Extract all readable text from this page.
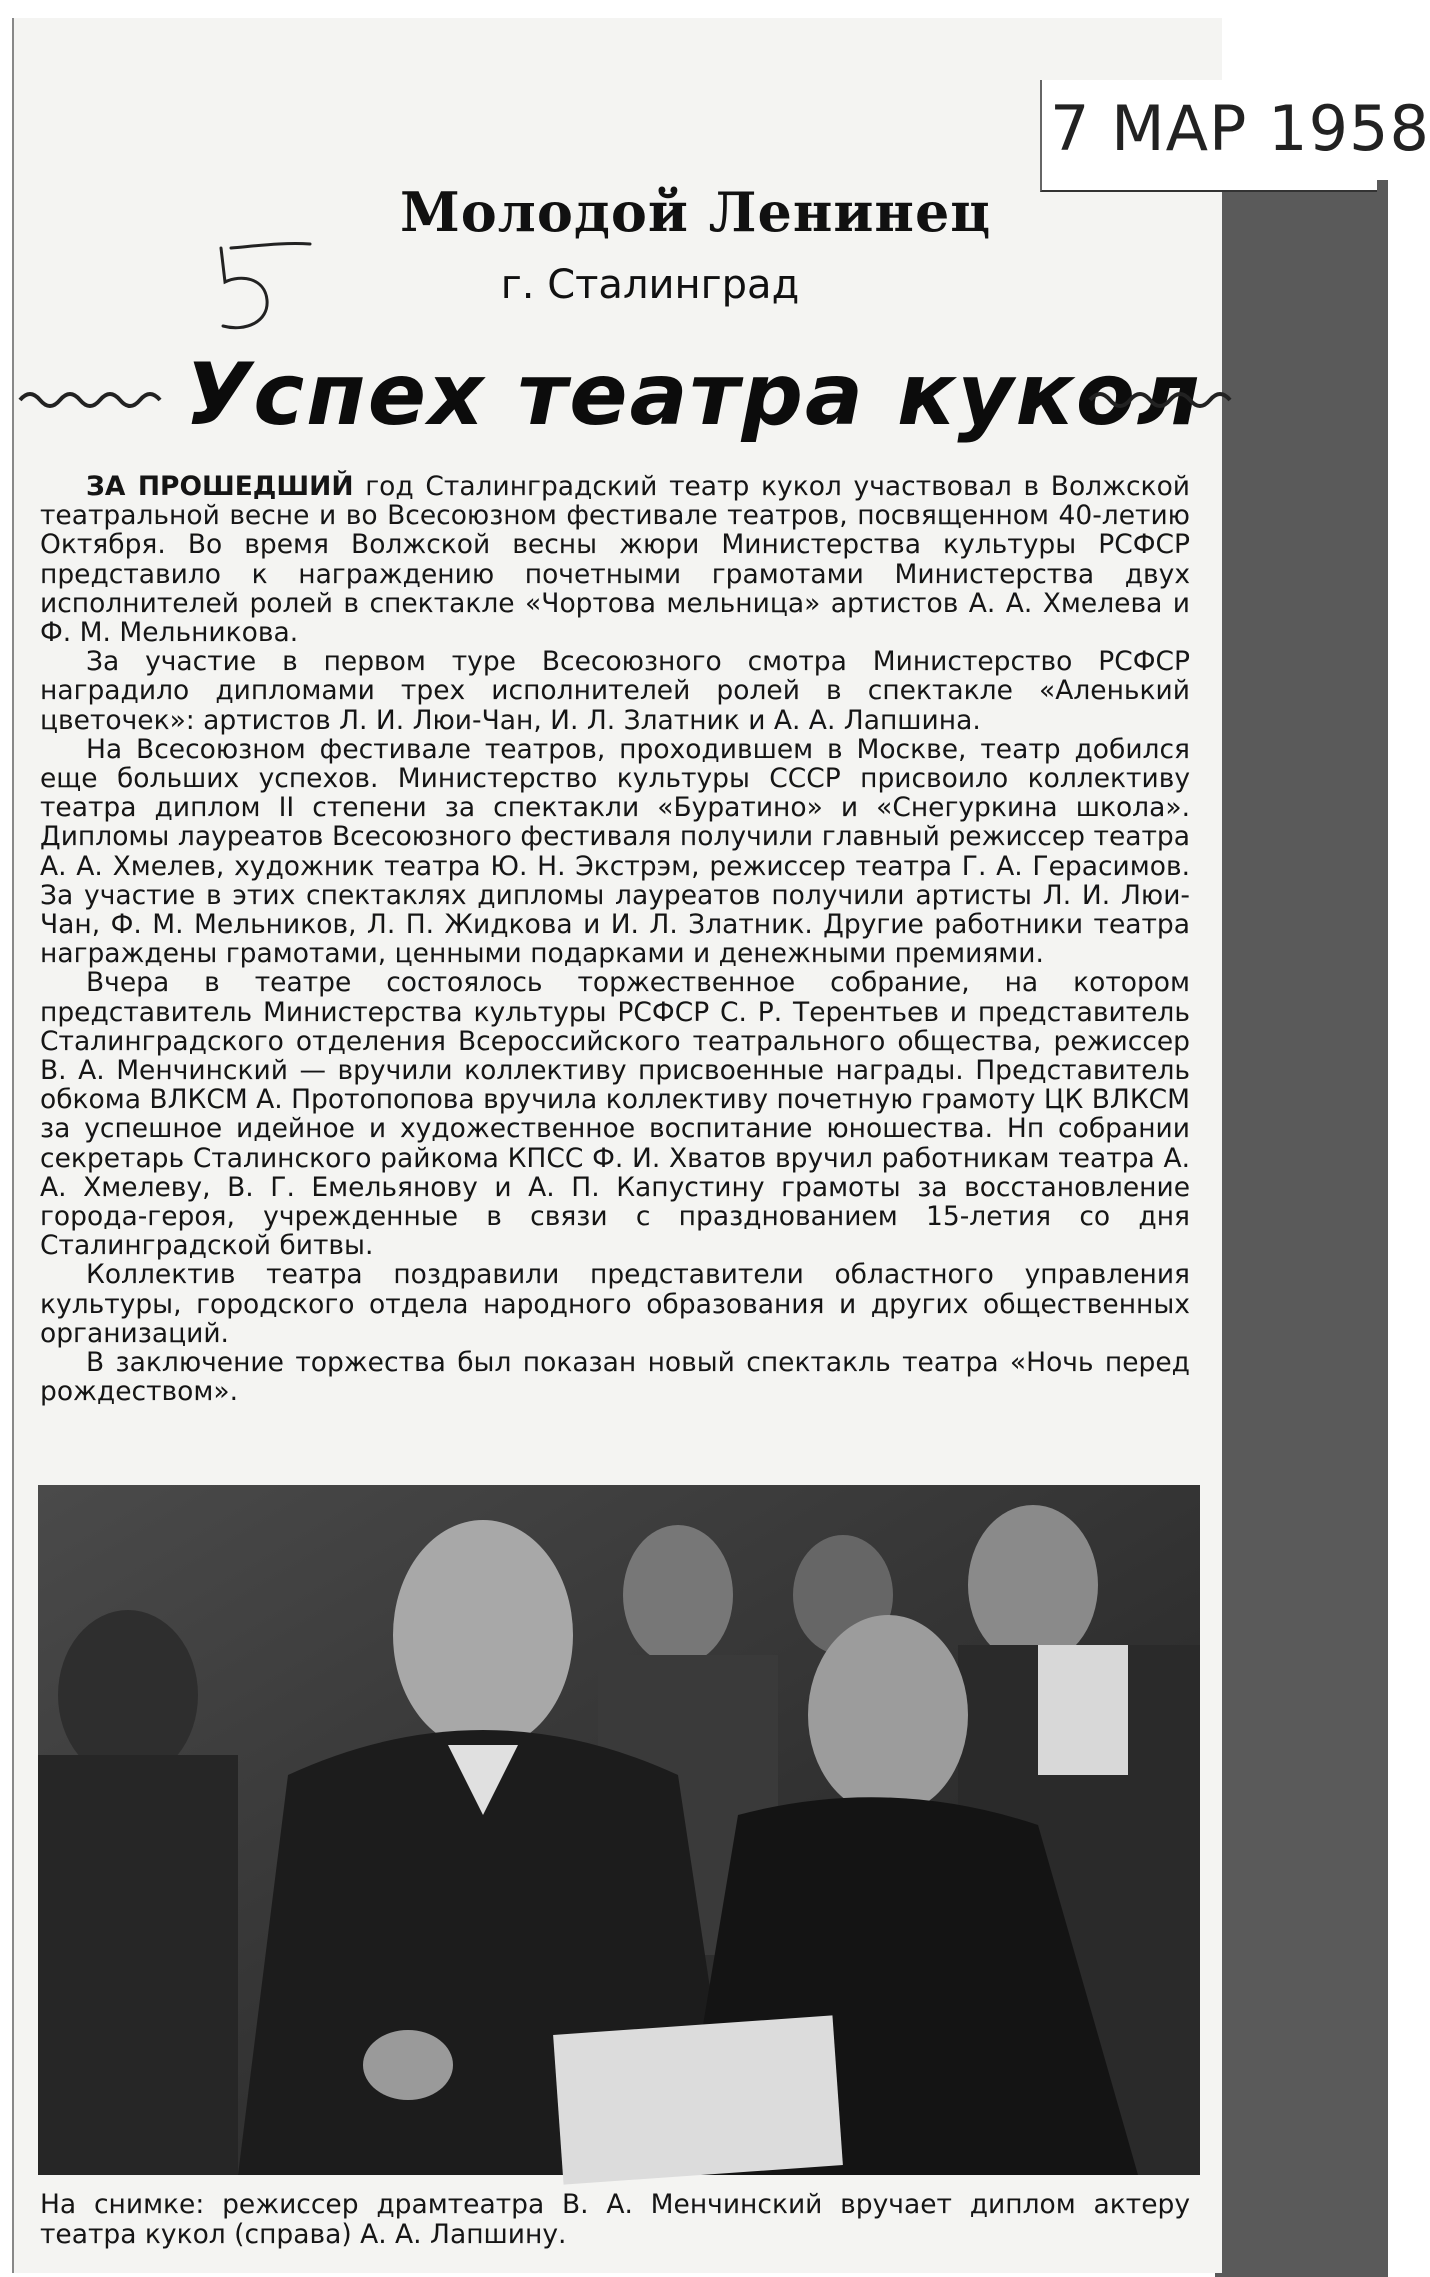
7 МАР 1958
Молодой Ленинец
г. Сталинград
Успех театра кукол

ЗА ПРОШЕДШИЙ год Сталинградский театр кукол участвовал в Волжской театральной весне и во Всесоюзном фестивале театров, посвященном 40-летию Октября. Во время Волжской весны жюри Министерства культуры РСФСР представило к награждению почетными грамотами Министерства двух исполнителей ролей в спектакле «Чортова мельница» артистов А. А. Хмелева и Ф. М. Мельникова.

За участие в первом туре Всесоюзного смотра Министерство РСФСР наградило дипломами трех исполнителей ролей в спектакле «Аленький цветочек»: артистов Л. И. Люи-Чан, И. Л. Златник и А. А. Лапшина.

На Всесоюзном фестивале театров, проходившем в Москве, театр добился еще больших успехов. Министерство культуры СССР присвоило коллективу театра диплом II степени за спектакли «Буратино» и «Снегуркина школа». Дипломы лауреатов Всесоюзного фестиваля получили главный режиссер театра А. А. Хмелев, художник театра Ю. Н. Экстрэм, режиссер театра Г. А. Герасимов. За участие в этих спектаклях дипломы лауреатов получили артисты Л. И. Люи-Чан, Ф. М. Мельников, Л. П. Жидкова и И. Л. Златник. Другие работники театра награждены грамотами, ценными подарками и денежными премиями.

Вчера в театре состоялось торжественное собрание, на котором представитель Министерства культуры РСФСР С. Р. Терентьев и представитель Сталинградского отделения Всероссийского театрального общества, режиссер В. А. Менчинский — вручили коллективу присвоенные награды. Представитель обкома ВЛКСМ А. Протопопова вручила коллективу почетную грамоту ЦК ВЛКСМ за успешное идейное и художественное воспитание юношества. Нп собрании секретарь Сталинского райкома КПСС Ф. И. Хватов вручил работникам театра А. А. Хмелеву, В. Г. Емельянову и А. П. Капустину грамоты за восстановление города-героя, учрежденные в связи с празднованием 15-летия со дня Сталинградской битвы.

Коллектив театра поздравили представители областного управления культуры, городского отдела народного образования и других общественных организаций.

В заключение торжества был показан новый спектакль театра «Ночь перед рождеством».

На снимке: режиссер драмтеатра В. А. Менчинский вручает диплом актеру театра кукол (справа) А. А. Лапшину.
